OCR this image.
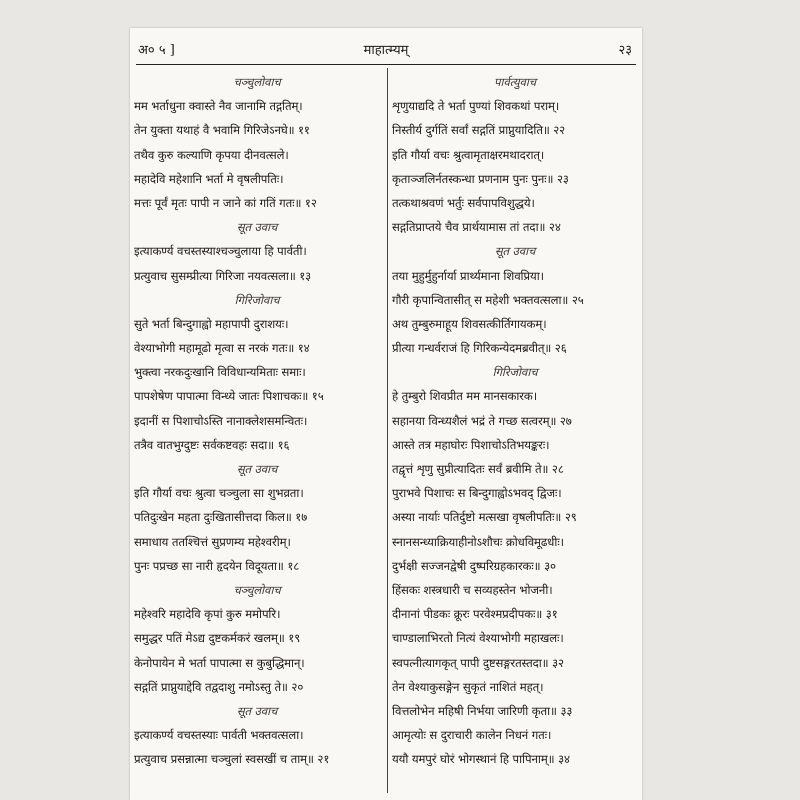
अ० ५ ]	माहात्म्यम्	२३
चञ्चुलोवाच
मम भर्ताधुना क्वास्ते नैव जानामि तद्गतिम्।
तेन युक्ता यथाहं वै भवामि गिरिजेऽनघे॥ ११
तथैव कुरु कल्याणि कृपया दीनवत्सले।
महादेवि महेशानि भर्ता मे वृषलीपतिः।
मत्तः पूर्वं मृतः पापी न जाने कां गतिं गतः॥ १२
सूत उवाच
इत्याकर्ण्य वचस्तस्याश्चञ्चुलाया हि पार्वती।
प्रत्युवाच सुसम्प्रीत्या गिरिजा नयवत्सला॥ १३
गिरिजोवाच
सुते भर्ता बिन्दुगाह्वो महापापी दुराशयः।
वेश्याभोगी महामूढो मृत्वा स नरकं गतः॥ १४
भुक्त्वा नरकदुःखानि विविधान्यमिताः समाः।
पापशेषेण पापात्मा विन्ध्ये जातः पिशाचकः॥ १५
इदानीं स पिशाचोऽस्ति नानाक्लेशसमन्वितः।
तत्रैव वातभुग्दुष्टः सर्वकष्टवहः सदा॥ १६
सूत उवाच
इति गौर्या वचः श्रुत्वा चञ्चुला सा शुभव्रता।
पतिदुःखेन महता दुःखितासीत्तदा किल॥ १७
समाधाय ततश्चित्तं सुप्रणम्य महेश्वरीम्।
पुनः पप्रच्छ सा नारी हृदयेन विदूयता॥ १८
चञ्चुलोवाच
महेश्वरि महादेवि कृपां कुरु ममोपरि।
समुद्धर पतिं मेऽद्य दुष्टकर्मकरं खलम्॥ १९
केनोपायेन मे भर्ता पापात्मा स कुबुद्धिमान्।
सद्गतिं प्राप्नुयाद्देवि तद्वदाशु नमोऽस्तु ते॥ २०
सूत उवाच
इत्याकर्ण्य वचस्तस्याः पार्वती भक्तवत्सला।
प्रत्युवाच प्रसन्नात्मा चञ्चुलां स्वसखीं च ताम्॥ २१
पार्वत्युवाच
शृणुयाद्यदि ते भर्ता पुण्यां शिवकथां पराम्।
निस्तीर्य दुर्गतिं सर्वां सद्गतिं प्राप्नुयादिति॥ २२
इति गौर्या वचः श्रुत्वामृताक्षरमथादरात्।
कृताञ्जलिर्नतस्कन्धा प्रणनाम पुनः पुनः॥ २३
तत्कथाश्रवणं भर्तुः सर्वपापविशुद्धये।
सद्गतिप्राप्तये चैव प्रार्थयामास तां तदा॥ २४
सूत उवाच
तया मुहुर्मुहुर्नार्या प्रार्थ्यमाना शिवप्रिया।
गौरी कृपान्वितासीत् स महेशी भक्तवत्सला॥ २५
अथ तुम्बुरुमाहूय शिवसत्कीर्तिगायकम्।
प्रीत्या गन्धर्वराजं हि गिरिकन्येदमब्रवीत्॥ २६
गिरिजोवाच
हे तुम्बुरो शिवप्रीत मम मानसकारक।
सहानया विन्ध्यशैलं भद्रं ते गच्छ सत्वरम्॥ २७
आस्ते तत्र महाघोरः पिशाचोऽतिभयङ्करः।
तद्वृत्तं शृणु सुप्रीत्यादितः सर्वं ब्रवीमि ते॥ २८
पुराभवे पिशाचः स बिन्दुगाह्वोऽभवद् द्विजः।
अस्या नार्याः पतिर्दुष्टो मत्सखा वृषलीपतिः॥ २९
स्नानसन्ध्याक्रियाहीनोऽशौचः क्रोधविमूढधीः।
दुर्भक्षी सज्जनद्वेषी दुष्परिग्रहकारकः॥ ३०
हिंसकः शस्त्रधारी च सव्यहस्तेन भोजनी।
दीनानां पीडकः क्रूरः परवेश्मप्रदीपकः॥ ३१
चाण्डालाभिरतो नित्यं वेश्याभोगी महाखलः।
स्वपत्नीत्यागकृत् पापी दुष्टसङ्गरतस्तदा॥ ३२
तेन वेश्याकुसङ्गेन सुकृतं नाशितं महत्।
वित्तलोभेन महिषी निर्भया जारिणी कृता॥ ३३
आमृत्योः स दुराचारी कालेन निधनं गतः।
ययौ यमपुरं घोरं भोगस्थानं हि पापिनाम्॥ ३४
